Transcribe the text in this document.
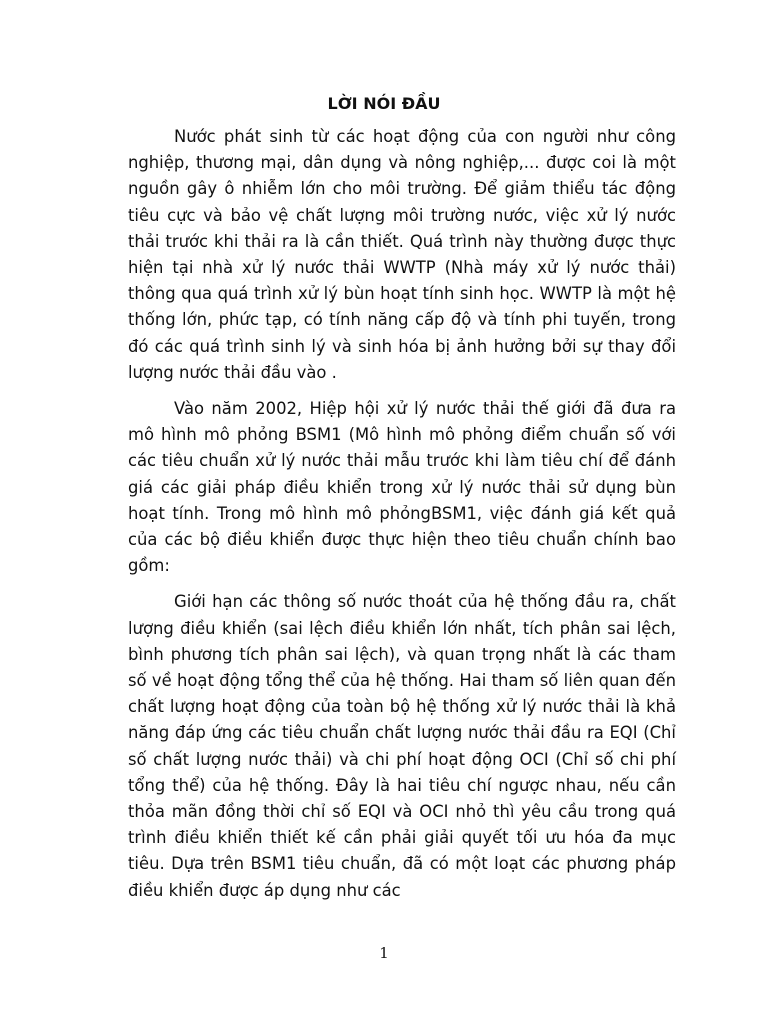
LỜI NÓI ĐẦU

Nước phát sinh từ các hoạt động của con người như công nghiệp, thương mại, dân dụng và nông nghiệp,... được coi là một nguồn gây ô nhiễm lớn cho môi trường. Để giảm thiểu tác động tiêu cực và bảo vệ chất lượng môi trường nước, việc xử lý nước thải trước khi thải ra là cần thiết. Quá trình này thường được thực hiện tại nhà xử lý nước thải WWTP (Nhà máy xử lý nước thải) thông qua quá trình xử lý bùn hoạt tính sinh học. WWTP là một hệ thống lớn, phức tạp, có tính năng cấp độ và tính phi tuyến, trong đó các quá trình sinh lý và sinh hóa bị ảnh hưởng bởi sự thay đổi lượng nước thải đầu vào .

Vào năm 2002, Hiệp hội xử lý nước thải thế giới đã đưa ra mô hình mô phỏng BSM1 (Mô hình mô phỏng điểm chuẩn số với các tiêu chuẩn xử lý nước thải mẫu trước khi làm tiêu chí để đánh giá các giải pháp điều khiển trong xử lý nước thải sử dụng bùn hoạt tính. Trong mô hình mô phỏngBSM1, việc đánh giá kết quả của các bộ điều khiển được thực hiện theo tiêu chuẩn chính bao gồm:

Giới hạn các thông số nước thoát của hệ thống đầu ra, chất lượng điều khiển (sai lệch điều khiển lớn nhất, tích phân sai lệch, bình phương tích phân sai lệch), và quan trọng nhất là các tham số về hoạt động tổng thể của hệ thống. Hai tham số liên quan đến chất lượng hoạt động của toàn bộ hệ thống xử lý nước thải là khả năng đáp ứng các tiêu chuẩn chất lượng nước thải đầu ra EQI (Chỉ số chất lượng nước thải) và chi phí hoạt động OCI (Chỉ số chi phí tổng thể) của hệ thống. Đây là hai tiêu chí ngược nhau, nếu cần thỏa mãn đồng thời chỉ số EQI và OCI nhỏ thì yêu cầu trong quá trình điều khiển thiết kế cần phải giải quyết tối ưu hóa đa mục tiêu. Dựa trên BSM1 tiêu chuẩn, đã có một loạt các phương pháp điều khiển được áp dụng như các

1
